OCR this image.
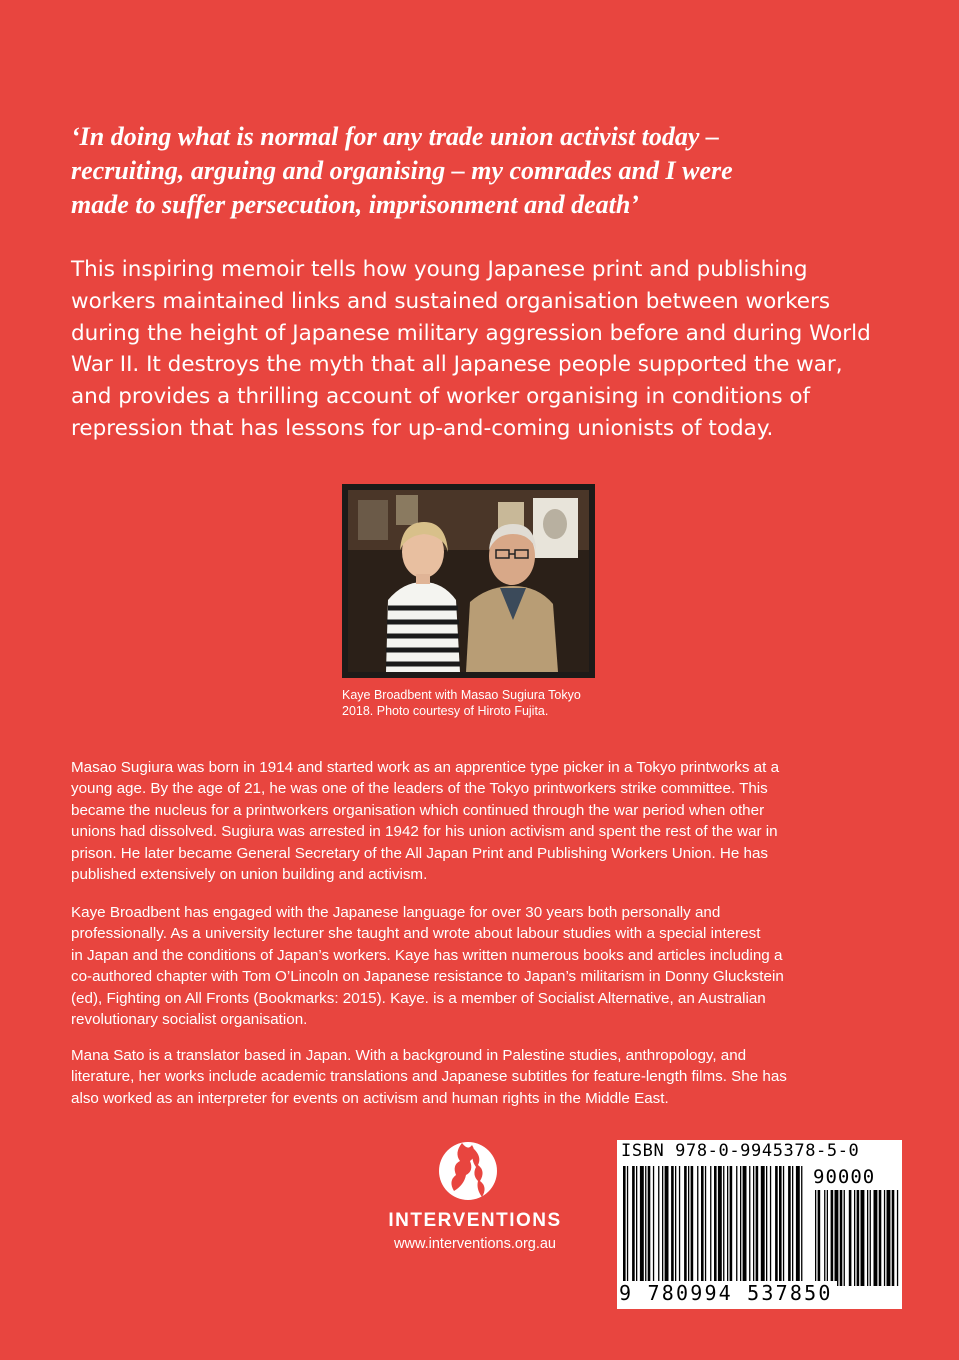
‘In doing what is normal for any trade union activist today –
recruiting, arguing and organising – my comrades and I were
made to suffer persecution, imprisonment and death’

This inspiring memoir tells how young Japanese print and publishing
workers maintained links and sustained organisation between workers
during the height of Japanese military aggression before and during World
War II. It destroys the myth that all Japanese people supported the war,
and provides a thrilling account of worker organising in conditions of
repression that has lessons for up-and-coming unionists of today.

Kaye Broadbent with Masao Sugiura Tokyo
2018. Photo courtesy of Hiroto Fujita.

Masao Sugiura was born in 1914 and started work as an apprentice type picker in a Tokyo printworks at a
young age. By the age of 21, he was one of the leaders of the Tokyo printworkers strike committee. This
became the nucleus for a printworkers organisation which continued through the war period when other
unions had dissolved. Sugiura was arrested in 1942 for his union activism and spent the rest of the war in
prison. He later became General Secretary of the All Japan Print and Publishing Workers Union. He has
published extensively on union building and activism.

Kaye Broadbent has engaged with the Japanese language for over 30 years both personally and
professionally. As a university lecturer she taught and wrote about labour studies with a special interest
in Japan and the conditions of Japan’s workers. Kaye has written numerous books and articles including a
co-authored chapter with Tom O’Lincoln on Japanese resistance to Japan’s militarism in Donny Gluckstein
(ed), Fighting on All Fronts (Bookmarks: 2015). Kaye. is a member of Socialist Alternative, an Australian
revolutionary socialist organisation.

Mana Sato is a translator based in Japan. With a background in Palestine studies, anthropology, and
literature, her works include academic translations and Japanese subtitles for feature-length films. She has
also worked as an interpreter for events on activism and human rights in the Middle East.

INTERVENTIONS
www.interventions.org.au
ISBN 978-0-9945378-5-0
90000
9 780994 537850
